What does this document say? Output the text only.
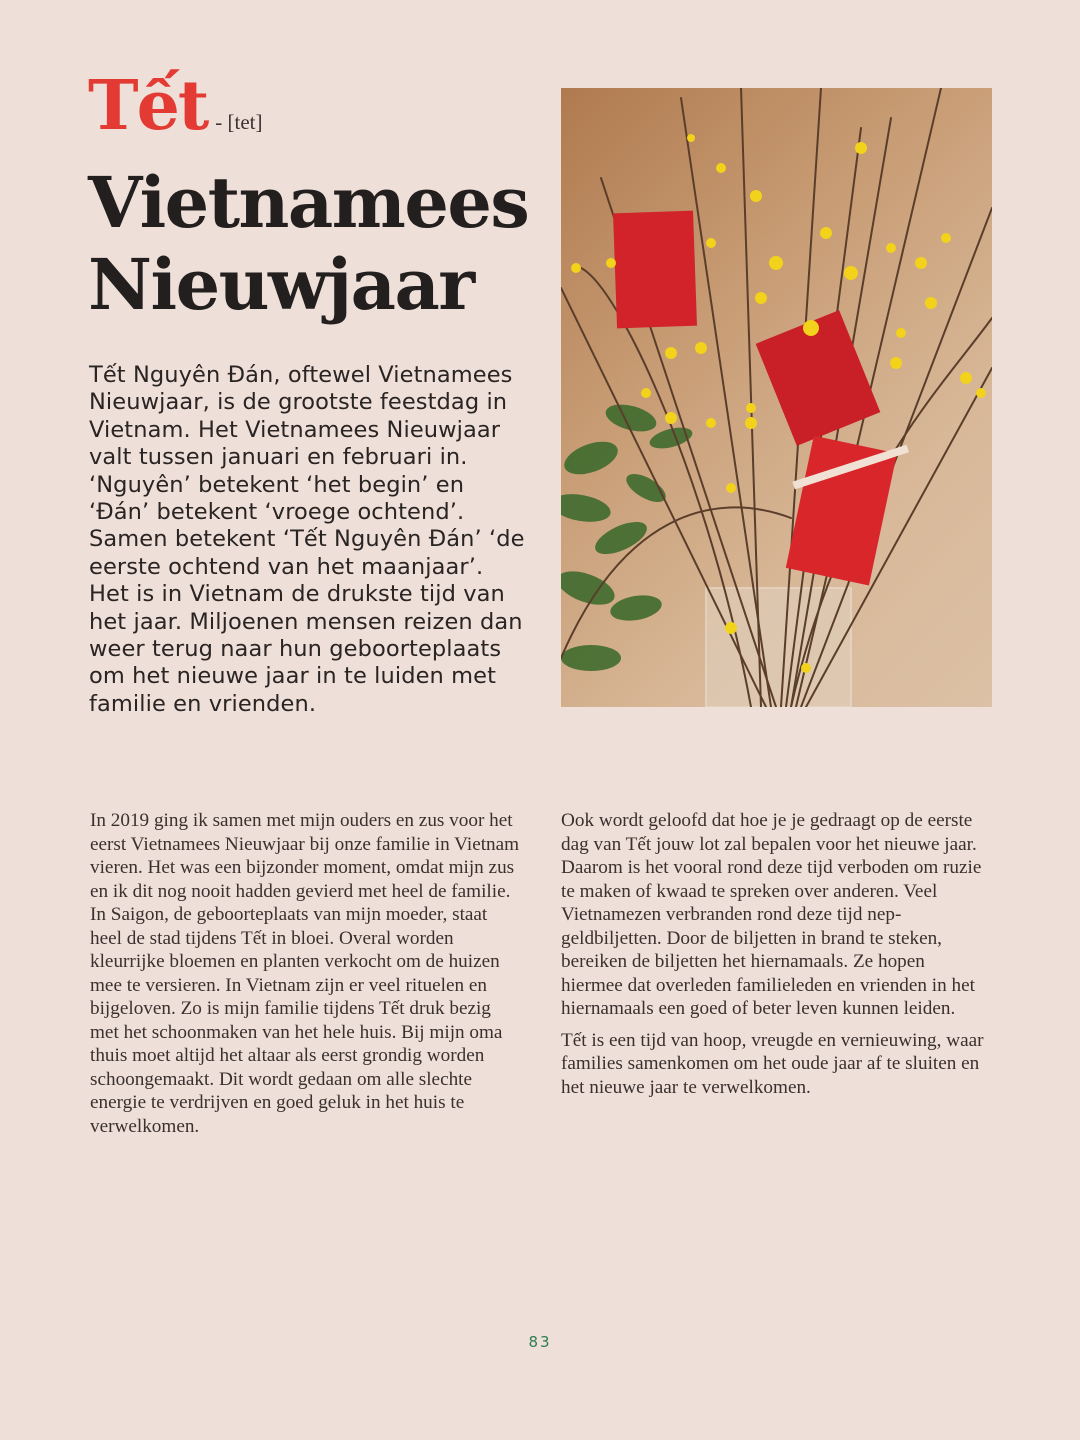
Tết - [tet]
Vietnamees
Nieuwjaar

Tết Nguyên Đán, oftewel Vietnamees Nieuwjaar, is de grootste feestdag in Vietnam. Het Vietnamees Nieuwjaar valt tussen januari en februari in. ‘Nguyên’ betekent ‘het begin’ en ‘Đán’ betekent ‘vroege ochtend’. Samen betekent ‘Tết Nguyên Đán’ ‘de eerste ochtend van het maanjaar’. Het is in Vietnam de drukste tijd van het jaar. Miljoenen mensen reizen dan weer terug naar hun geboorteplaats om het nieuwe jaar in te luiden met familie en vrienden.

In 2019 ging ik samen met mijn ouders en zus voor het eerst Vietnamees Nieuwjaar bij onze familie in Vietnam vieren. Het was een bijzonder moment, omdat mijn zus en ik dit nog nooit hadden gevierd met heel de familie. In Saigon, de geboorteplaats van mijn moeder, staat heel de stad tijdens Tết in bloei. Overal worden kleurrijke bloemen en planten verkocht om de huizen mee te versieren. In Vietnam zijn er veel rituelen en bijgeloven. Zo is mijn familie tijdens Tết druk bezig met het schoonmaken van het hele huis. Bij mijn oma thuis moet altijd het altaar als eerst grondig worden schoongemaakt. Dit wordt gedaan om alle slechte energie te verdrijven en goed geluk in het huis te verwelkomen.

Ook wordt geloofd dat hoe je je gedraagt op de eerste dag van Tết jouw lot zal bepalen voor het nieuwe jaar. Daarom is het vooral rond deze tijd verboden om ruzie te maken of kwaad te spreken over anderen. Veel Vietnamezen verbranden rond deze tijd nep-geldbiljetten. Door de biljetten in brand te steken, bereiken de biljetten het hiernamaals. Ze hopen hiermee dat overleden familieleden en vrienden in het hiernamaals een goed of beter leven kunnen leiden.

Tết is een tijd van hoop, vreugde en vernieuwing, waar families samenkomen om het oude jaar af te sluiten en het nieuwe jaar te verwelkomen.

83
